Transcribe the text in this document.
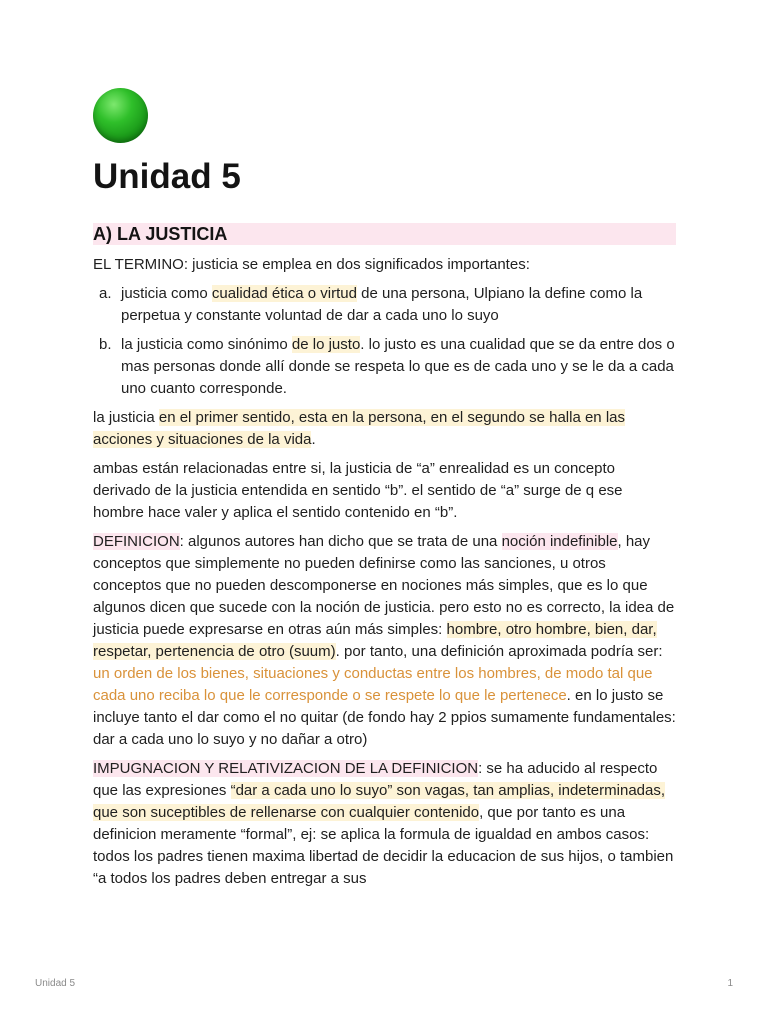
Unidad 5
A) LA JUSTICIA

EL TERMINO: justicia se emplea en dos significados importantes:

a. justicia como cualidad ética o virtud de una persona, Ulpiano la define como la perpetua y constante voluntad de dar a cada uno lo suyo
b. la justicia como sinónimo de lo justo. lo justo es una cualidad que se da entre dos o mas personas donde allí donde se respeta lo que es de cada uno y se le da a cada uno cuanto corresponde.

la justicia en el primer sentido, esta en la persona, en el segundo se halla en las acciones y situaciones de la vida.

ambas están relacionadas entre si, la justicia de “a” enrealidad es un concepto derivado de la justicia entendida en sentido “b”. el sentido de “a” surge de q ese hombre hace valer y aplica el sentido contenido en “b”.

DEFINICION: algunos autores han dicho que se trata de una noción indefinible, hay conceptos que simplemente no pueden definirse como las sanciones, u otros conceptos que no pueden descomponerse en nociones más simples, que es lo que algunos dicen que sucede con la noción de justicia. pero esto no es correcto, la idea de justicia puede expresarse en otras aún más simples: hombre, otro hombre, bien, dar, respetar, pertenencia de otro (suum). por tanto, una definición aproximada podría ser: un orden de los bienes, situaciones y conductas entre los hombres, de modo tal que cada uno reciba lo que le corresponde o se respete lo que le pertenece. en lo justo se incluye tanto el dar como el no quitar (de fondo hay 2 ppios sumamente fundamentales: dar a cada uno lo suyo y no dañar a otro)

IMPUGNACION Y RELATIVIZACION DE LA DEFINICION: se ha aducido al respecto que las expresiones “dar a cada uno lo suyo” son vagas, tan amplias, indeterminadas, que son suceptibles de rellenarse con cualquier contenido, que por tanto es una definicion meramente “formal”, ej: se aplica la formula de igualdad en ambos casos: todos los padres tienen maxima libertad de decidir la educacion de sus hijos, o tambien “a todos los padres deben entregar a sus

Unidad 5	1
